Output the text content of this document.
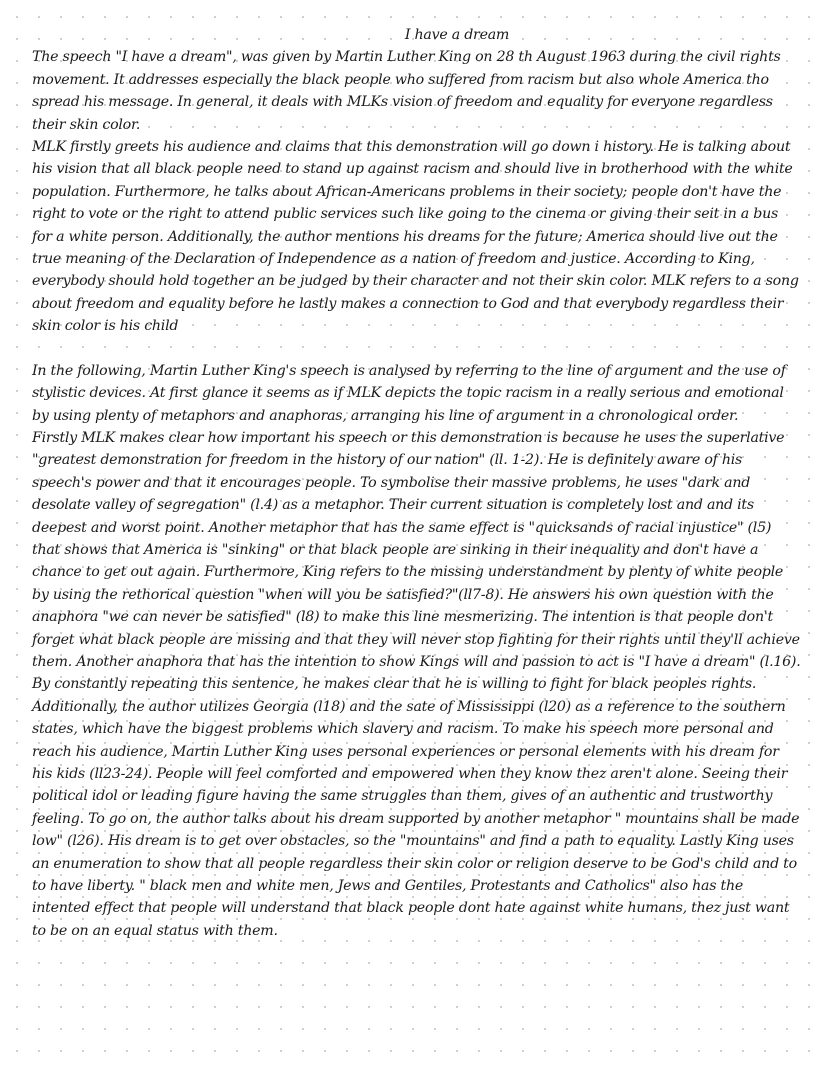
I have a dream

The speech "I have a dream", was given by Martin Luther King on 28 th August 1963 during the civil rights movement. It addresses especially the black people who suffered from racism but also whole America tho spread his message. In general, it deals with MLKs vision of freedom and equality for everyone regardless their skin color.

MLK firstly greets his audience and claims that this demonstration will go down i history. He is talking about his vision that all black people need to stand up against racism and should live in brotherhood with the white population. Furthermore, he talks about African-Americans problems in their society; people don't have the right to vote or the right to attend public services such like going to the cinema or giving their seit in a bus for a white person. Additionally, the author mentions his dreams for the future; America should live out the true meaning of the Declaration of Independence as a nation of freedom and justice. According to King, everybody should hold together an be judged by their character and not their skin color. MLK refers to a song about freedom and equality before he lastly makes a connection to God and that everybody regardless their skin color is his child

In the following, Martin Luther King's speech is analysed by referring to the line of argument and the use of stylistic devices. At first glance it seems as if MLK depicts the topic racism in a really serious and emotional by using plenty of metaphors and anaphoras, arranging his line of argument in a chronological order.

Firstly MLK makes clear how important his speech or this demonstration is because he uses the superlative "greatest demonstration for freedom in the history of our nation" (ll. 1-2). He is definitely aware of his speech's power and that it encourages people. To symbolise their massive problems, he uses "dark and desolate valley of segregation" (l.4) as a metaphor. Their current situation is completely lost and and its deepest and worst point. Another metaphor that has the same effect is "quicksands of racial injustice" (l5) that shows that America is "sinking" or that black people are sinking in their inequality and don't have a chance to get out again. Furthermore, King refers to the missing understandment by plenty of white people by using the rethorical question "when will you be satisfied?"(ll7-8). He answers his own question with the anaphora "we can never be satisfied" (l8) to make this line mesmerizing. The intention is that people don't forget what black people are missing and that they will never stop fighting for their rights until they'll achieve them. Another anaphora that has the intention to show Kings will and passion to act is "I have a dream" (l.16). By constantly repeating this sentence, he makes clear that he is willing to fight for black peoples rights. Additionally, the author utilizes Georgia (l18) and the sate of Mississippi (l20) as a reference to the southern states, which have the biggest problems which slavery and racism. To make his speech more personal and reach his audience, Martin Luther King uses personal experiences or personal elements with his dream for his kids (ll23-24). People will feel comforted and empowered when they know thez aren't alone. Seeing their political idol or leading figure having the same struggles than them, gives of an authentic and trustworthy feeling. To go on, the author talks about his dream supported by another metaphor " mountains shall be made low" (l26). His dream is to get over obstacles, so the "mountains" and find a path to equality. Lastly King uses an enumeration to show that all people regardless their skin color or religion deserve to be God's child and to to have liberty. " black men and white men, Jews and Gentiles, Protestants and Catholics" also has the intented effect that people will understand that black people dont hate against white humans, thez just want to be on an equal status with them.
